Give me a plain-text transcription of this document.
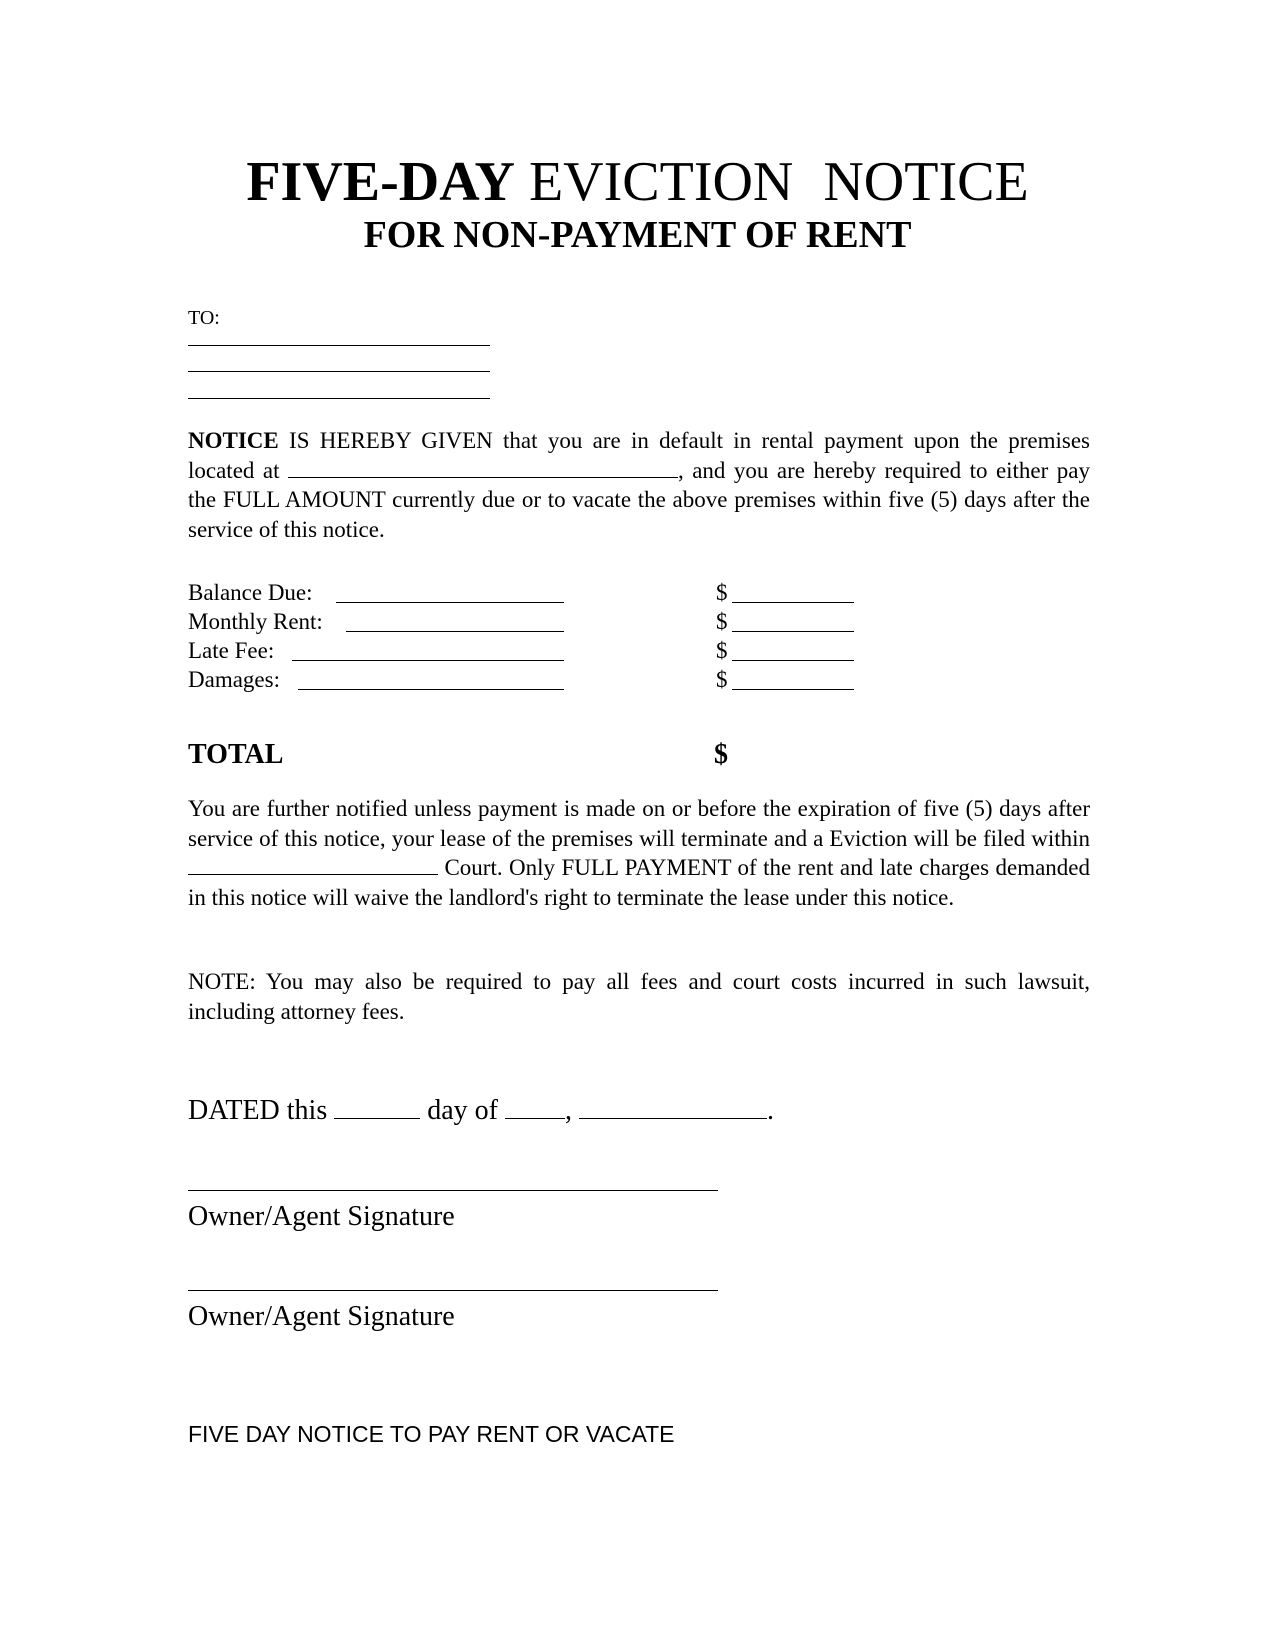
FIVE-DAY EVICTION NOTICE
FOR NON-PAYMENT OF RENT
TO:

NOTICE IS HEREBY GIVEN that you are in default in rental payment upon the premises located at	, and you are hereby required to either pay the FULL AMOUNT currently due or to vacate the above premises within five (5) days after the service of this notice.

Balance Due:	$
Monthly Rent:	$
Late Fee:	$
Damages:	$
TOTAL	$

You are further notified unless payment is made on or before the expiration of five (5) days after service of this notice, your lease of the premises will terminate and a Eviction will be filed within  Court. Only FULL PAYMENT of the rent and late charges demanded in this notice will waive the landlord's right to terminate the lease under this notice.

NOTE: You may also be required to pay all fees and court costs incurred in such lawsuit, including attorney fees.

DATED this	day of ,	.
Owner/Agent Signature
Owner/Agent Signature
FIVE DAY NOTICE TO PAY RENT OR VACATE
